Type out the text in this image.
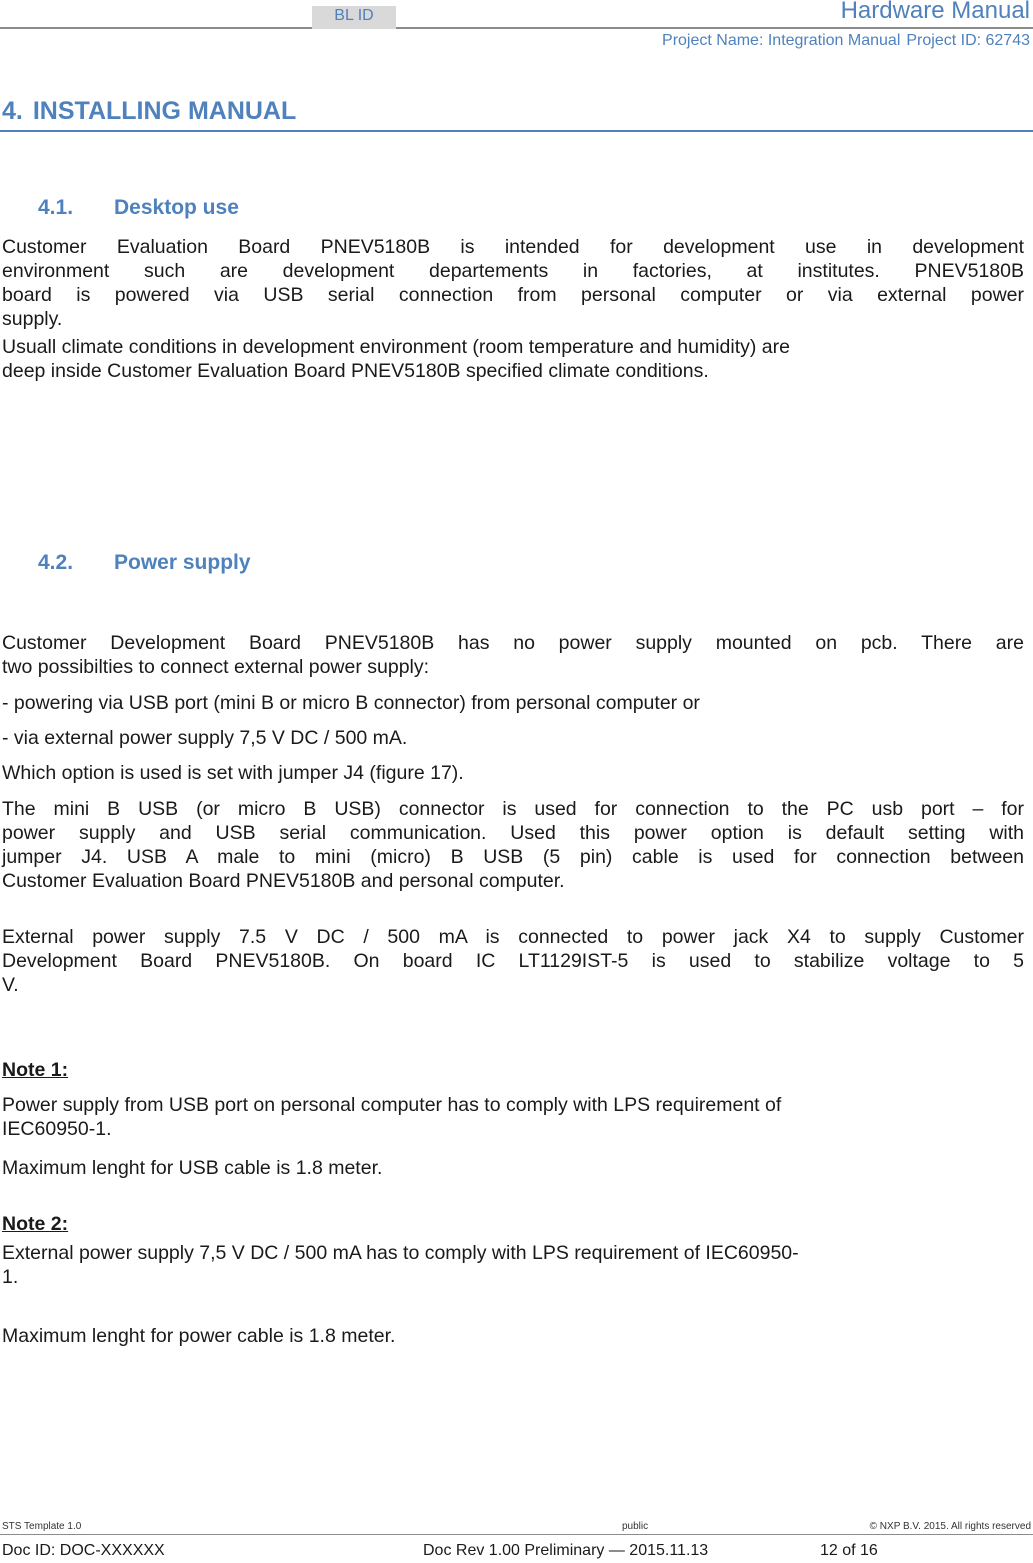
BL ID	Hardware Manual
Project Name: Integration Manual Project ID: 62743
4. INSTALLING MANUAL
4.1. Desktop use
Customer Evaluation Board PNEV5180B is intended for development use in development
environment such are development departements in factories, at institutes. PNEV5180B
board is powered via USB serial connection from personal computer or via external power
supply.
Usuall climate conditions in development environment (room temperature and humidity) are
deep inside Customer Evaluation Board PNEV5180B specified climate conditions.
4.2. Power supply
Customer Development Board PNEV5180B has no power supply mounted on pcb. There are
two possibilties to connect external power supply:
- powering via USB port (mini B or micro B connector) from personal computer or
- via external power supply 7,5 V DC / 500 mA.
Which option is used is set with jumper J4 (figure 17).
The mini B USB (or micro B USB) connector is used for connection to the PC usb port – for
power supply and USB serial communication. Used this power option is default setting with
jumper J4. USB A male to mini (micro) B USB (5 pin) cable is used for connection between
Customer Evaluation Board PNEV5180B and personal computer.
External power supply 7.5 V DC / 500 mA is connected to power jack X4 to supply Customer
Development Board PNEV5180B. On board IC LT1129IST-5 is used to stabilize voltage to 5
V.
Note 1:
Power supply from USB port on personal computer has to comply with LPS requirement of
IEC60950-1.
Maximum lenght for USB cable is 1.8 meter.
Note 2:
External power supply 7,5 V DC / 500 mA has to comply with LPS requirement of IEC60950-
1.
Maximum lenght for power cable is 1.8 meter.
STS Template 1.0	public	© NXP B.V. 2015. All rights reserved
Doc ID: DOC-XXXXXX	Doc Rev 1.00 Preliminary — 2015.11.13	12 of 16
